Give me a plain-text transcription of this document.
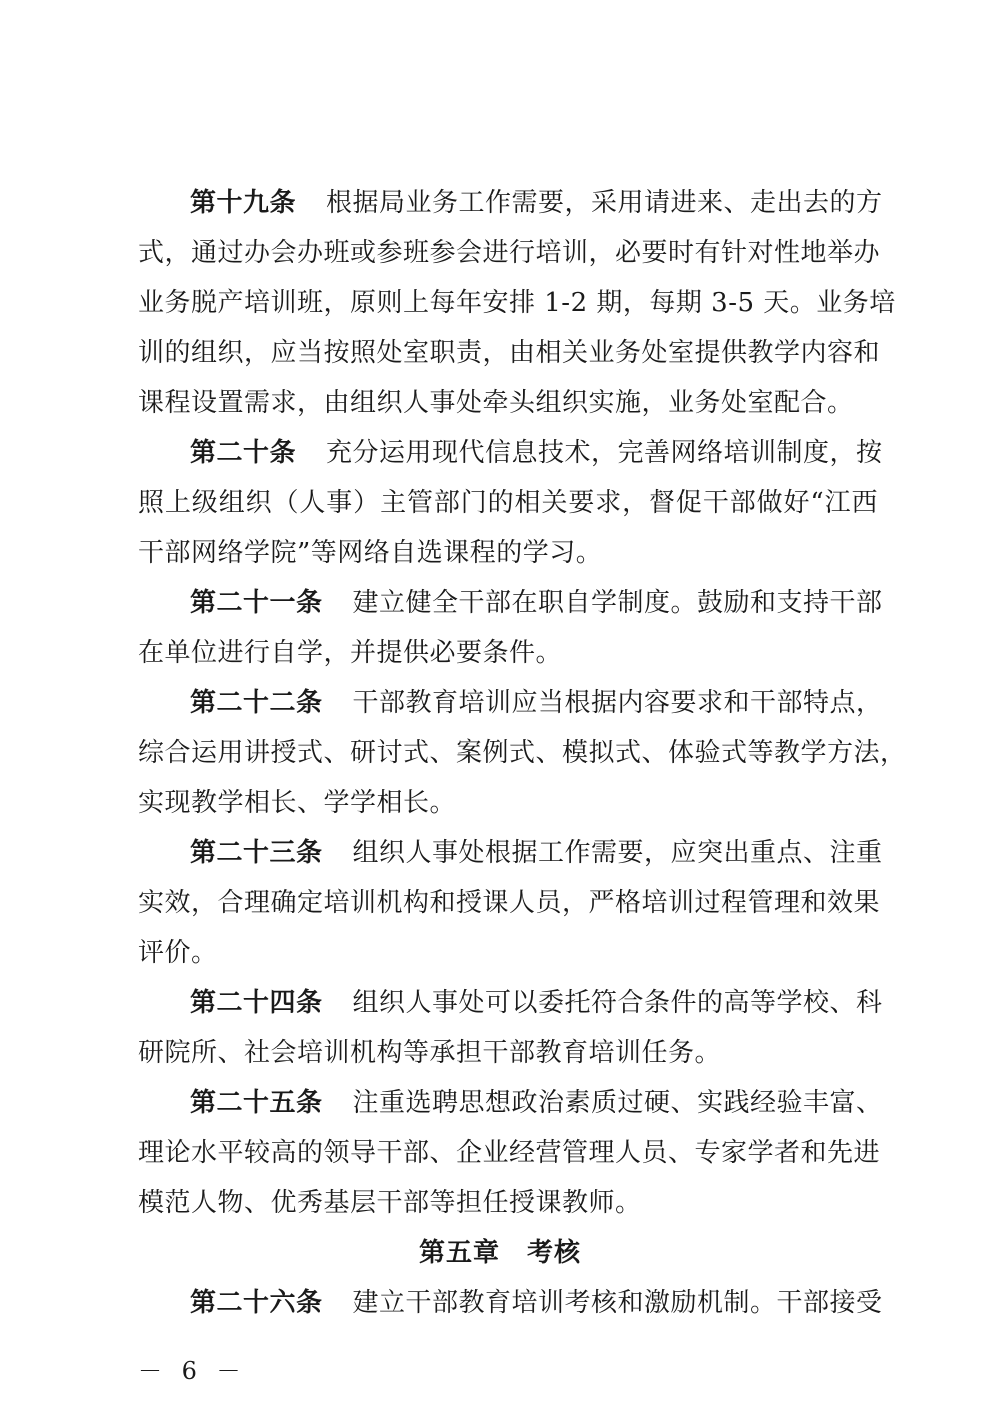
第十九条 根据局业务工作需要，采用请进来、走出去的方
式，通过办会办班或参班参会进行培训，必要时有针对性地举办
业务脱产培训班，原则上每年安排 1-2 期，每期 3-5 天。业务培
训的组织，应当按照处室职责，由相关业务处室提供教学内容和
课程设置需求，由组织人事处牵头组织实施，业务处室配合。
第二十条 充分运用现代信息技术，完善网络培训制度，按
照上级组织（人事）主管部门的相关要求，督促干部做好“江西
干部网络学院”等网络自选课程的学习。
第二十一条 建立健全干部在职自学制度。鼓励和支持干部
在单位进行自学，并提供必要条件。
第二十二条 干部教育培训应当根据内容要求和干部特点，
综合运用讲授式、研讨式、案例式、模拟式、体验式等教学方法，
实现教学相长、学学相长。
第二十三条 组织人事处根据工作需要，应突出重点、注重
实效，合理确定培训机构和授课人员，严格培训过程管理和效果
评价。
第二十四条 组织人事处可以委托符合条件的高等学校、科
研院所、社会培训机构等承担干部教育培训任务。
第二十五条 注重选聘思想政治素质过硬、实践经验丰富、
理论水平较高的领导干部、企业经营管理人员、专家学者和先进
模范人物、优秀基层干部等担任授课教师。
第五章　考核
第二十六条 建立干部教育培训考核和激励机制。干部接受
－ 6 －
